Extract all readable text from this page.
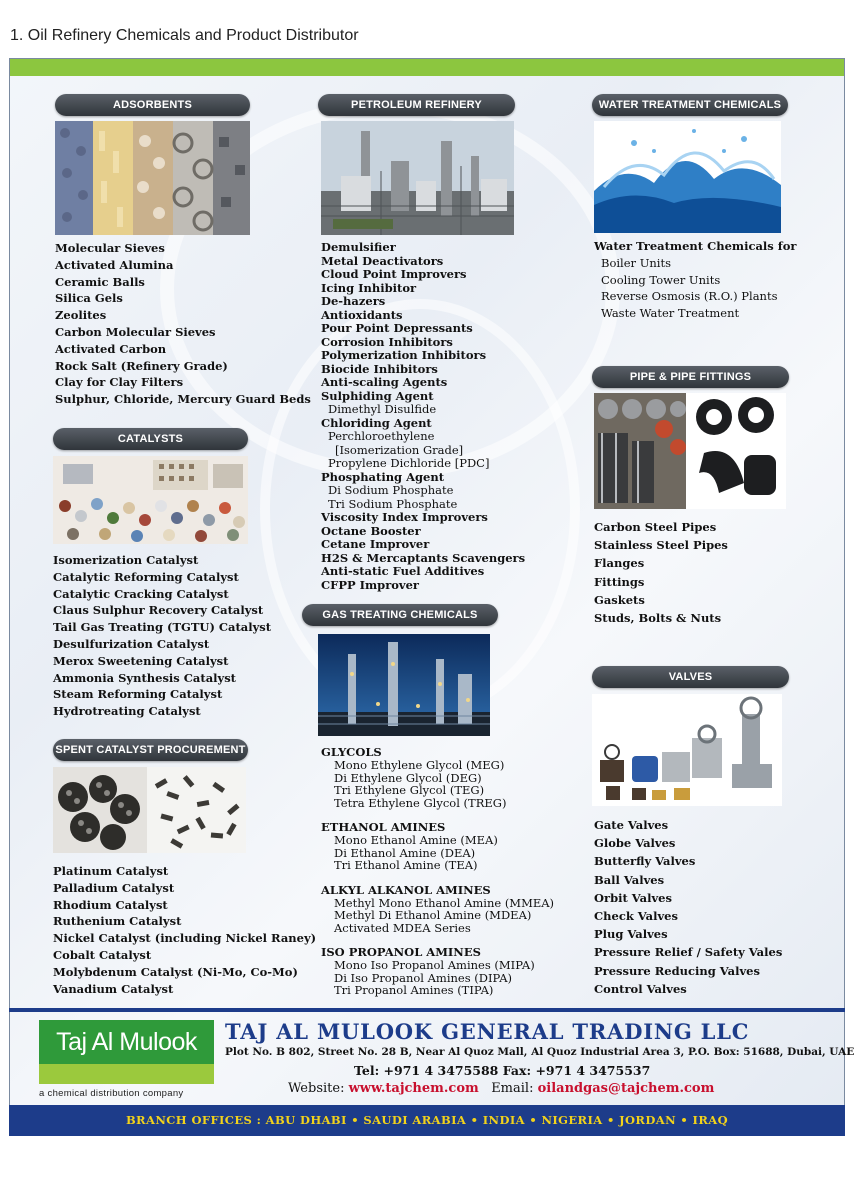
1. Oil Refinery Chemicals and Product Distributor
ADSORBENTS
Molecular Sieves
Activated Alumina
Ceramic Balls
Silica Gels
Zeolites
Carbon Molecular Sieves
Activated Carbon
Rock Salt (Refinery Grade)
Clay for Clay Filters
Sulphur, Chloride, Mercury Guard Beds
CATALYSTS
Isomerization Catalyst
Catalytic Reforming Catalyst
Catalytic Cracking Catalyst
Claus Sulphur Recovery Catalyst
Tail Gas Treating (TGTU) Catalyst
Desulfurization Catalyst
Merox Sweetening Catalyst
Ammonia Synthesis Catalyst
Steam Reforming Catalyst
Hydrotreating Catalyst
SPENT CATALYST PROCUREMENT
Platinum Catalyst
Palladium Catalyst
Rhodium Catalyst
Ruthenium Catalyst
Nickel Catalyst (including Nickel Raney)
Cobalt Catalyst
Molybdenum Catalyst (Ni-Mo, Co-Mo)
Vanadium Catalyst
PETROLEUM REFINERY
Demulsifier
Metal Deactivators
Cloud Point Improvers
Icing Inhibitor
De-hazers
Antioxidants
Pour Point Depressants
Corrosion Inhibitors
Polymerization Inhibitors
Biocide Inhibitors
Anti-scaling Agents
Sulphiding Agent
Dimethyl Disulfide
Chloriding Agent
Perchloroethylene
[Isomerization Grade]
Propylene Dichloride [PDC]
Phosphating Agent
Di Sodium Phosphate
Tri Sodium Phosphate
Viscosity Index Improvers
Octane Booster
Cetane Improver
H2S & Mercaptants Scavengers
Anti-static Fuel Additives
CFPP Improver
GAS TREATING CHEMICALS
GLYCOLS
Mono Ethylene Glycol (MEG)
Di Ethylene Glycol (DEG)
Tri Ethylene Glycol (TEG)
Tetra Ethylene Glycol (TREG)
ETHANOL AMINES
Mono Ethanol Amine (MEA)
Di Ethanol Amine (DEA)
Tri Ethanol Amine (TEA)
ALKYL ALKANOL AMINES
Methyl Mono Ethanol Amine (MMEA)
Methyl Di Ethanol Amine (MDEA)
Activated MDEA Series
ISO PROPANOL AMINES
Mono Iso Propanol Amines (MIPA)
Di Iso Propanol Amines (DIPA)
Tri Propanol Amines (TIPA)
WATER TREATMENT CHEMICALS
Water Treatment Chemicals for
Boiler Units
Cooling Tower Units
Reverse Osmosis (R.O.) Plants
Waste Water Treatment
PIPE & PIPE FITTINGS
Carbon Steel Pipes
Stainless Steel Pipes
Flanges
Fittings
Gaskets
Studs, Bolts & Nuts
VALVES
Gate Valves
Globe Valves
Butterfly Valves
Ball Valves
Orbit Valves
Check Valves
Plug Valves
Pressure Relief / Safety Vales
Pressure Reducing Valves
Control Valves
Taj Al Mulook
a chemical distribution company
TAJ AL MULOOK GENERAL TRADING LLC
Plot No. B 802, Street No. 28 B, Near Al Quoz Mall, Al Quoz Industrial Area 3, P.O. Box: 51688, Dubai, UAE
Tel: +971 4 3475588 Fax: +971 4 3475537
Website: www.tajchem.com Email: oilandgas@tajchem.com
BRANCH OFFICES : ABU DHABI • SAUDI ARABIA • INDIA • NIGERIA • JORDAN • IRAQ
